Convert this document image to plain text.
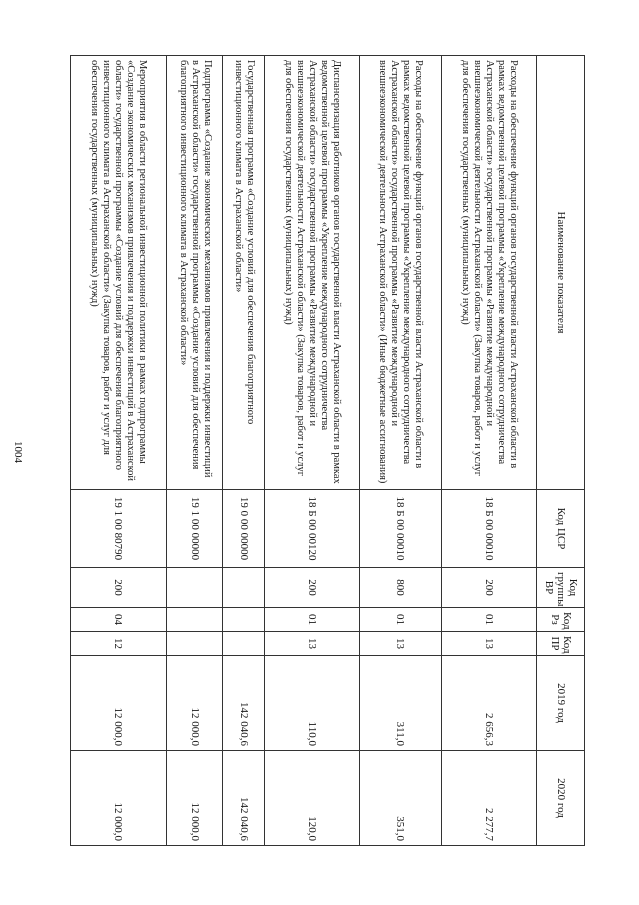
1004
Наименование показателя	Код ЦСР	Код группы ВР	Код Рз	Код ПР	2019 год	2020 год
Расходы на обеспечение функций органов государственной власти Астраханской области в рамках ведомственной целевой программы «Укрепление международного сотрудничества Астраханской области» государственной программы «Развитие международной и внешнеэкономической деятельности Астраханской области» (Закупка товаров, работ и услуг для обеспечения государственных (муниципальных) нужд)	18 Б 00 00010	200	01	13	2 656,3	2 277,7
Расходы на обеспечение функций органов государственной власти Астраханской области в рамках ведомственной целевой программы «Укрепление международного сотрудничества Астраханской области» государственной программы «Развитие международной и внешнеэкономической деятельности Астраханской области» (Иные бюджетные ассигнования)	18 Б 00 00010	800	01	13	311,0	351,0
Диспансеризация работников органов государственной власти Астраханской области в рамках ведомственной целевой программы «Укрепление международного сотрудничества Астраханской области» государственной программы «Развитие международной и внешнеэкономической деятельности Астраханской области» (Закупка товаров, работ и услуг для обеспечения государственных (муниципальных) нужд)	18 Б 00 00120	200	01	13	110,0	120,0
Государственная программа «Создание условий для обеспечения благоприятного инвестиционного климата в Астраханской области»	19 0 00 00000				142 040,6	142 040,6
Подпрограмма «Создание экономических механизмов привлечения и поддержки инвестиций в Астраханской области» государственной программы «Создание условий для обеспечения благоприятного инвестиционного климата в Астраханской области»	19 1 00 00000				12 000,0	12 000,0
Мероприятия в области региональной инвестиционной политики в рамках подпрограммы «Создание экономических механизмов привлечения и поддержки инвестиций в Астраханской области» государственной программы «Создание условий для обеспечения благоприятного инвестиционного климата в Астраханской области» (Закупка товаров, работ и услуг для обеспечения государственных (муниципальных) нужд)	19 1 00 80790	200	04	12	12 000,0	12 000,0
